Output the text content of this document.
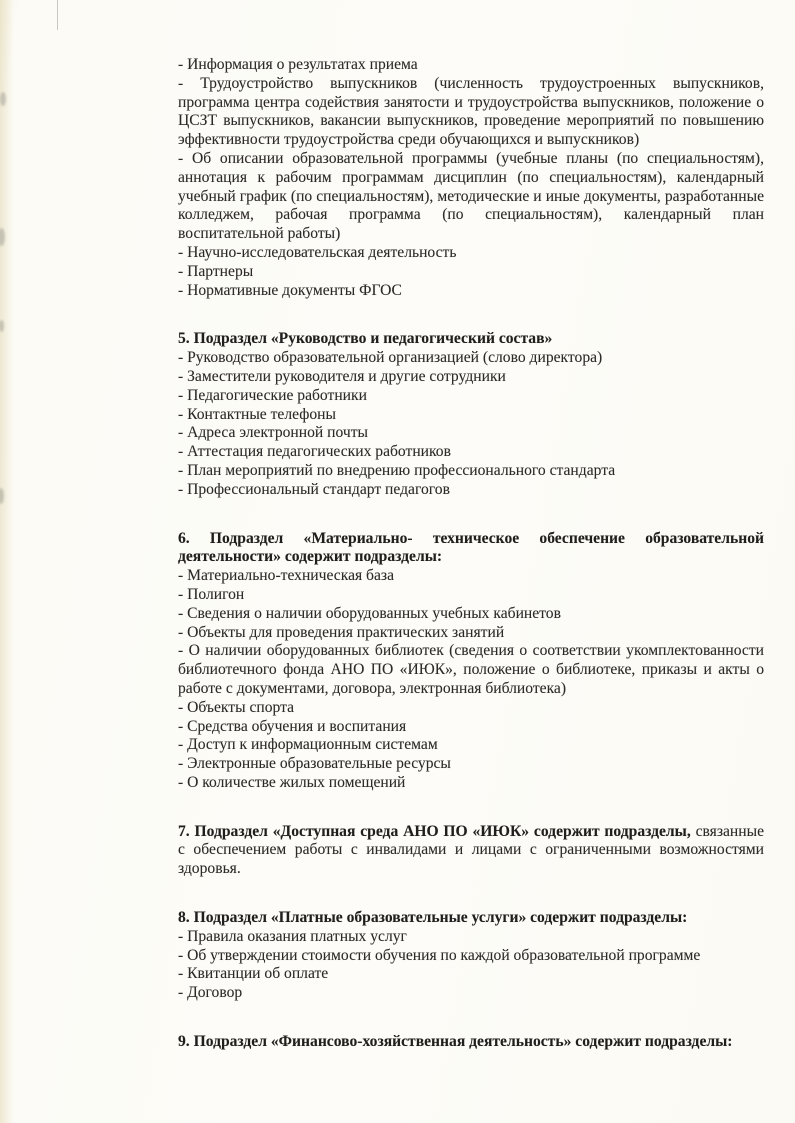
- Информация о результатах приема

- Трудоустройство выпускников (численность трудоустроенных выпускников, программа центра содействия занятости и трудоустройства выпускников, положение о ЦСЗТ выпускников, вакансии выпускников, проведение мероприятий по повышению эффективности трудоустройства среди обучающихся и выпускников)

- Об описании образовательной программы (учебные планы (по специальностям), аннотация к рабочим программам дисциплин (по специальностям), календарный учебный график (по специальностям), методические и иные документы, разработанные колледжем, рабочая программа (по специальностям), календарный план воспитательной работы)

- Научно-исследовательская деятельность

- Партнеры

- Нормативные документы ФГОС

5. Подраздел «Руководство и педагогический состав»

- Руководство образовательной организацией (слово директора)

- Заместители руководителя и другие сотрудники

- Педагогические работники

- Контактные телефоны

- Адреса электронной почты

- Аттестация педагогических работников

- План мероприятий по внедрению профессионального стандарта

- Профессиональный стандарт педагогов

6. Подраздел «Материально- техническое обеспечение образовательной деятельности» содержит подразделы:

- Материально-техническая база

- Полигон

- Сведения о наличии оборудованных учебных кабинетов

- Объекты для проведения практических занятий

- О наличии оборудованных библиотек (сведения о соответствии укомплектованности библиотечного фонда АНО ПО «ИЮК», положение о библиотеке, приказы и акты о работе с документами, договора, электронная библиотека)

- Объекты спорта

- Средства обучения и воспитания

- Доступ к информационным системам

- Электронные образовательные ресурсы

- О количестве жилых помещений

7. Подраздел «Доступная среда АНО ПО «ИЮК» содержит подразделы, связанные с обеспечением работы с инвалидами и лицами с ограниченными возможностями здоровья.

8. Подраздел «Платные образовательные услуги» содержит подразделы:

- Правила оказания платных услуг

- Об утверждении стоимости обучения по каждой образовательной программе

- Квитанции об оплате

- Договор

9. Подраздел «Финансово-хозяйственная деятельность» содержит подразделы:
